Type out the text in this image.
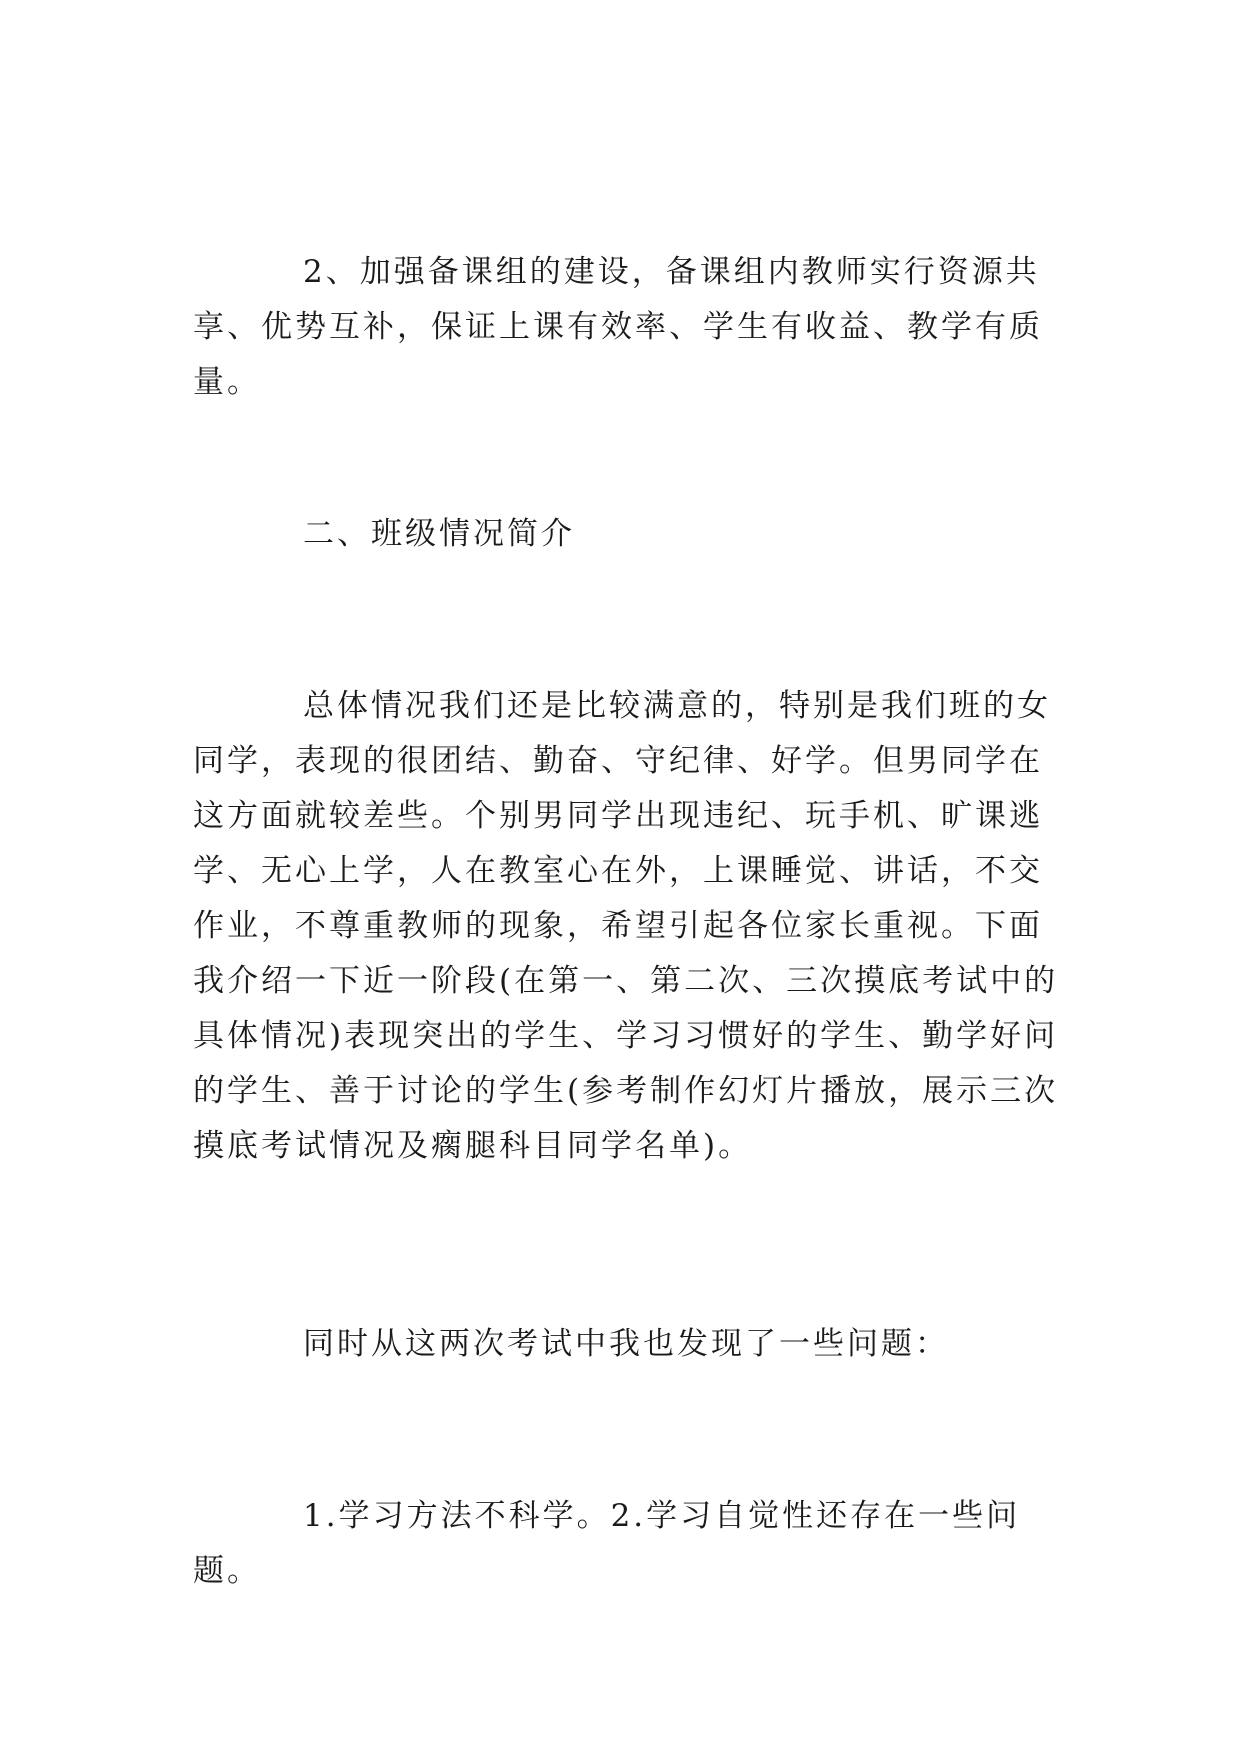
2、加强备课组的建设，备课组内教师实行资源共享、优势互补，保证上课有效率、学生有收益、教学有质量。

二、班级情况简介

总体情况我们还是比较满意的，特别是我们班的女同学，表现的很团结、勤奋、守纪律、好学。但男同学在这方面就较差些。个别男同学出现违纪、玩手机、旷课逃学、无心上学，人在教室心在外，上课睡觉、讲话，不交作业，不尊重教师的现象，希望引起各位家长重视。下面我介绍一下近一阶段(在第一、第二次、三次摸底考试中的具体情况)表现突出的学生、学习习惯好的学生、勤学好问的学生、善于讨论的学生(参考制作幻灯片播放，展示三次摸底考试情况及瘸腿科目同学名单)。

同时从这两次考试中我也发现了一些问题：

1.学习方法不科学。2.学习自觉性还存在一些问题。
